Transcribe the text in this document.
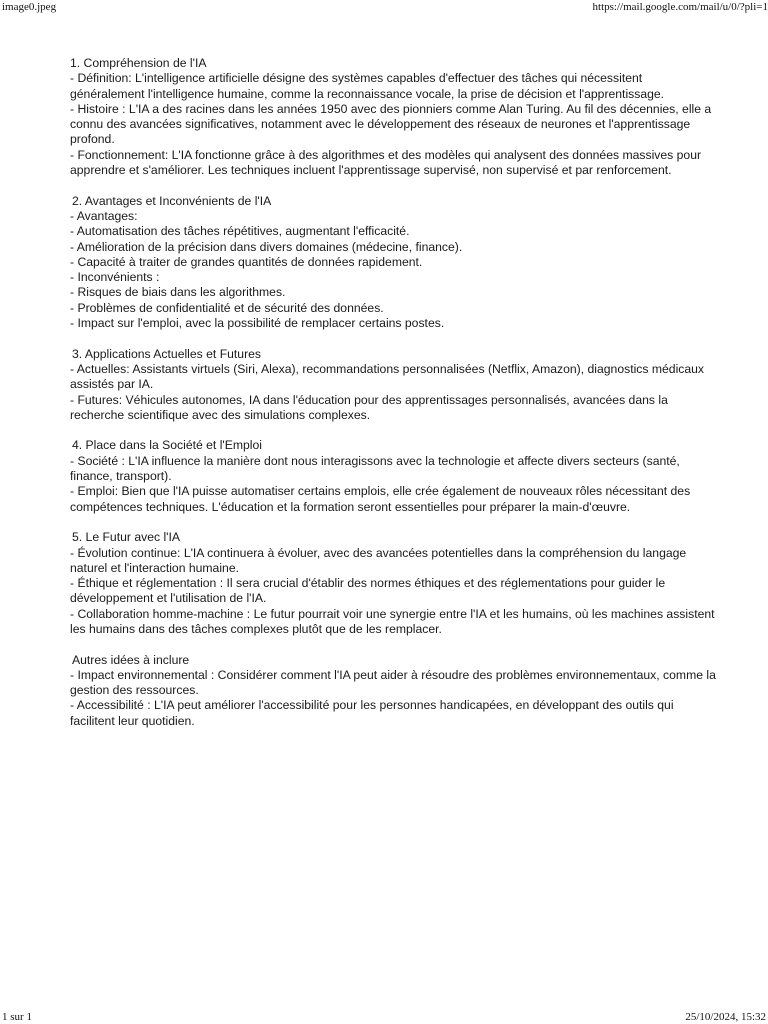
image0.jpeg	https://mail.google.com/mail/u/0/?pli=1

1. Compréhension de l'IA

- Définition: L'intelligence artificielle désigne des systèmes capables d'effectuer des tâches qui nécessitent généralement l'intelligence humaine, comme la reconnaissance vocale, la prise de décision et l'apprentissage.

- Histoire : L'IA a des racines dans les années 1950 avec des pionniers comme Alan Turing. Au fil des décennies, elle a connu des avancées significatives, notamment avec le développement des réseaux de neurones et l'apprentissage profond.

- Fonctionnement: L'IA fonctionne grâce à des algorithmes et des modèles qui analysent des données massives pour apprendre et s'améliorer. Les techniques incluent l'apprentissage supervisé, non supervisé et par renforcement.

2. Avantages et Inconvénients de l'IA

- Avantages:

- Automatisation des tâches répétitives, augmentant l'efficacité.

- Amélioration de la précision dans divers domaines (médecine, finance).

- Capacité à traiter de grandes quantités de données rapidement.

- Inconvénients :

- Risques de biais dans les algorithmes.

- Problèmes de confidentialité et de sécurité des données.

- Impact sur l'emploi, avec la possibilité de remplacer certains postes.

3. Applications Actuelles et Futures

- Actuelles: Assistants virtuels (Siri, Alexa), recommandations personnalisées (Netflix, Amazon), diagnostics médicaux assistés par IA.

- Futures: Véhicules autonomes, IA dans l'éducation pour des apprentissages personnalisés, avancées dans la recherche scientifique avec des simulations complexes.

4. Place dans la Société et l'Emploi

- Société : L'IA influence la manière dont nous interagissons avec la technologie et affecte divers secteurs (santé, finance, transport).

- Emploi: Bien que l'IA puisse automatiser certains emplois, elle crée également de nouveaux rôles nécessitant des compétences techniques. L'éducation et la formation seront essentielles pour préparer la main-d'œuvre.

5. Le Futur avec l'IA

- Évolution continue: L'IA continuera à évoluer, avec des avancées potentielles dans la compréhension du langage naturel et l'interaction humaine.

- Éthique et réglementation : Il sera crucial d'établir des normes éthiques et des réglementations pour guider le développement et l'utilisation de l'IA.

- Collaboration homme-machine : Le futur pourrait voir une synergie entre l'IA et les humains, où les machines assistent les humains dans des tâches complexes plutôt que de les remplacer.

Autres idées à inclure

- Impact environnemental : Considérer comment l'IA peut aider à résoudre des problèmes environnementaux, comme la gestion des ressources.

- Accessibilité : L'IA peut améliorer l'accessibilité pour les personnes handicapées, en développant des outils qui facilitent leur quotidien.

1 sur 1	25/10/2024, 15:32
